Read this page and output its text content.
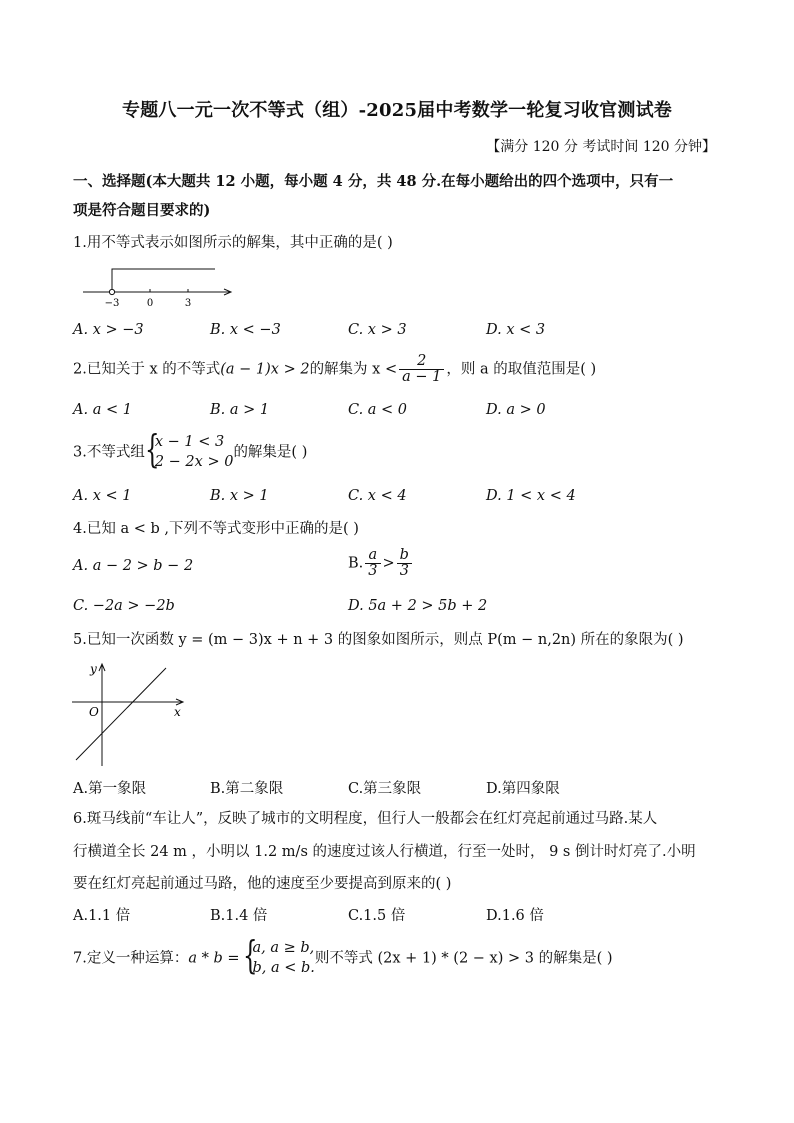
专题八一元一次不等式（组）-2025届中考数学一轮复习收官测试卷
【满分 120 分 考试时间 120 分钟】
一、选择题(本大题共 12 小题，每小题 4 分，共 48 分.在每小题给出的四个选项中，只有一
项是符合题目要求的)
1.用不等式表示如图所示的解集，其中正确的是( )
−3	0	3
A. x > −3	B. x < −3	C. x > 3	D. x < 3
2.已知关于 x 的不等式(a − 1)x > 2的解集为 $x < \frac{2}{a - 1}$ ，则 a 的取值范围是( )
A. a < 1	B. a > 1	C. a < 0	D. a > 0
3.不等式组 {
x − 1 < 3
2 − 2x > 0
的解集是( )
A. x < 1	B. x > 1	C. x < 4	D. 1 < x < 4
4.已知 a < b ,下列不等式变形中正确的是( )
A. a − 2 > b − 2	B. $\frac{a}{3} > \frac{b}{3}$
C. −2a > −2b	D. 5a + 2 > 5b + 2
5.已知一次函数 y = (m − 3)x + n + 3 的图象如图所示，则点 P(m − n,2n) 所在的象限为( )
y
x
O
A.第一象限	B.第二象限	C.第三象限	D.第四象限
6.斑马线前“车让人”，反映了城市的文明程度，但行人一般都会在红灯亮起前通过马路.某人
行横道全长 24 m ，小明以 1.2 m/s 的速度过该人行横道，行至一处时， 9 s 倒计时灯亮了.小明
要在红灯亮起前通过马路，他的速度至少要提高到原来的( )
A.1.1 倍	B.1.4 倍	C.1.5 倍	D.1.6 倍
7.定义一种运算：a * b = {
a, a ≥ b,
b, a < b.
则不等式 (2x + 1) * (2 − x) > 3 的解集是( )
